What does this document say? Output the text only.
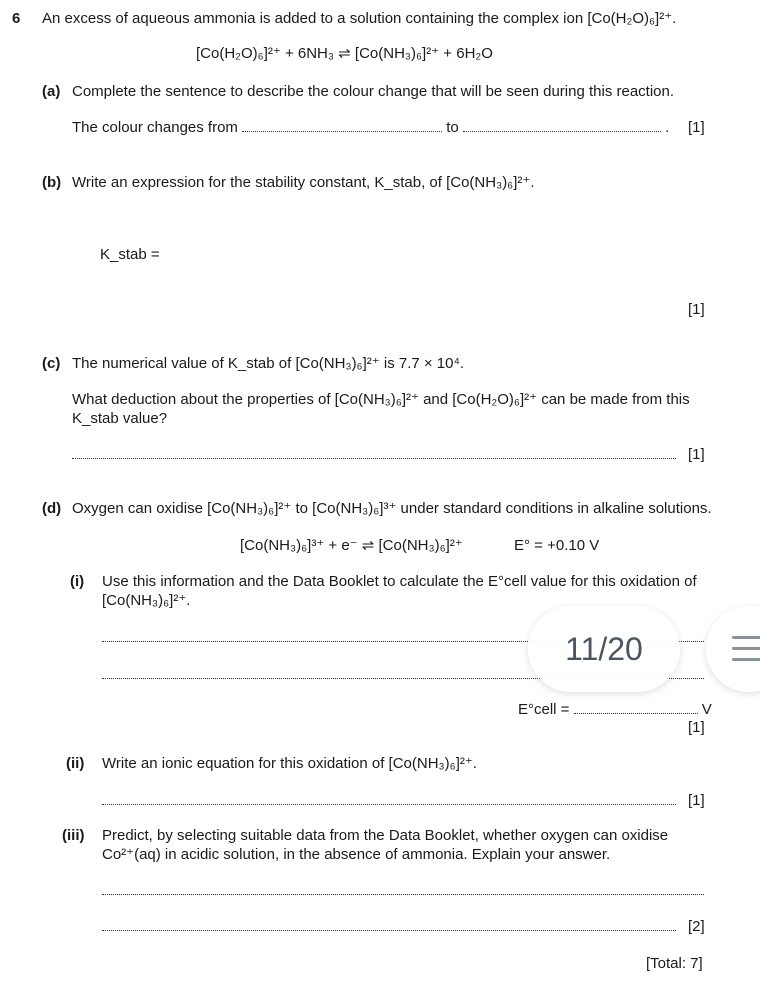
6 An excess of aqueous ammonia is added to a solution containing the complex ion [Co(H₂O)₆]²⁺.
[Co(H₂O)₆]²⁺ + 6NH₃ ⇌ [Co(NH₃)₆]²⁺ + 6H₂O
(a) Complete the sentence to describe the colour change that will be seen during this reaction.
The colour changes from	to	. [1]
(b) Write an expression for the stability constant, K_stab, of [Co(NH₃)₆]²⁺.
K_stab =
[1]
(c) The numerical value of K_stab of [Co(NH₃)₆]²⁺ is 7.7 × 10⁴.
What deduction about the properties of [Co(NH₃)₆]²⁺ and [Co(H₂O)₆]²⁺ can be made from this
K_stab value?
[1]
(d) Oxygen can oxidise [Co(NH₃)₆]²⁺ to [Co(NH₃)₆]³⁺ under standard conditions in alkaline solutions.
[Co(NH₃)₆]³⁺ + e⁻ ⇌ [Co(NH₃)₆]²⁺	E° = +0.10 V
(i) Use this information and the Data Booklet to calculate the E°cell value for this oxidation of
[Co(NH₃)₆]²⁺.
E°cell =	V
[1]
(ii) Write an ionic equation for this oxidation of [Co(NH₃)₆]²⁺.
[1]
(iii) Predict, by selecting suitable data from the Data Booklet, whether oxygen can oxidise
Co²⁺(aq) in acidic solution, in the absence of ammonia. Explain your answer.
[2]
[Total: 7]
11/20
